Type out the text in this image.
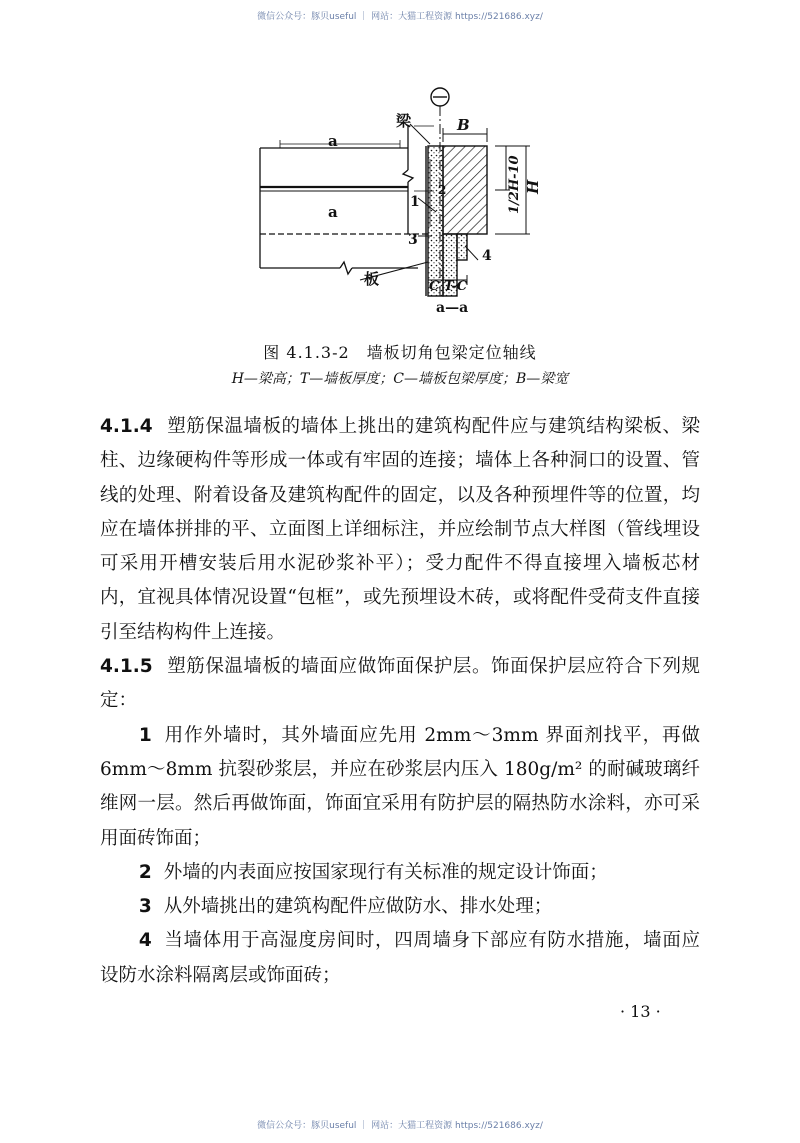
微信公众号：豚贝useful ｜ 网站：大猫工程资源 https://521686.xyz/
a
a
梁	B
H
1/2H-10
1
2
3
4
板	C T-C
a—a
图 4.1.3-2　墙板切角包梁定位轴线
H—梁高；T—墙板厚度；C—墙板包梁厚度；B—梁宽

4.1.4 塑筋保温墙板的墙体上挑出的建筑构配件应与建筑结构梁板、梁柱、边缘硬构件等形成一体或有牢固的连接；墙体上各种洞口的设置、管线的处理、附着设备及建筑构配件的固定，以及各种预埋件等的位置，均应在墙体拼排的平、立面图上详细标注，并应绘制节点大样图（管线埋设可采用开槽安装后用水泥砂浆补平）；受力配件不得直接埋入墙板芯材内，宜视具体情况设置“包框”，或先预埋设木砖，或将配件受荷支件直接引至结构构件上连接。

4.1.5 塑筋保温墙板的墙面应做饰面保护层。饰面保护层应符合下列规定：

1 用作外墙时，其外墙面应先用 2mm～3mm 界面剂找平，再做 6mm～8mm 抗裂砂浆层，并应在砂浆层内压入 180g/m² 的耐碱玻璃纤维网一层。然后再做饰面，饰面宜采用有防护层的隔热防水涂料，亦可采用面砖饰面；

2 外墙的内表面应按国家现行有关标准的规定设计饰面；

3 从外墙挑出的建筑构配件应做防水、排水处理；

4 当墙体用于高湿度房间时，四周墙身下部应有防水措施，墙面应设防水涂料隔离层或饰面砖；

· 13 ·
微信公众号：豚贝useful ｜ 网站：大猫工程资源 https://521686.xyz/
